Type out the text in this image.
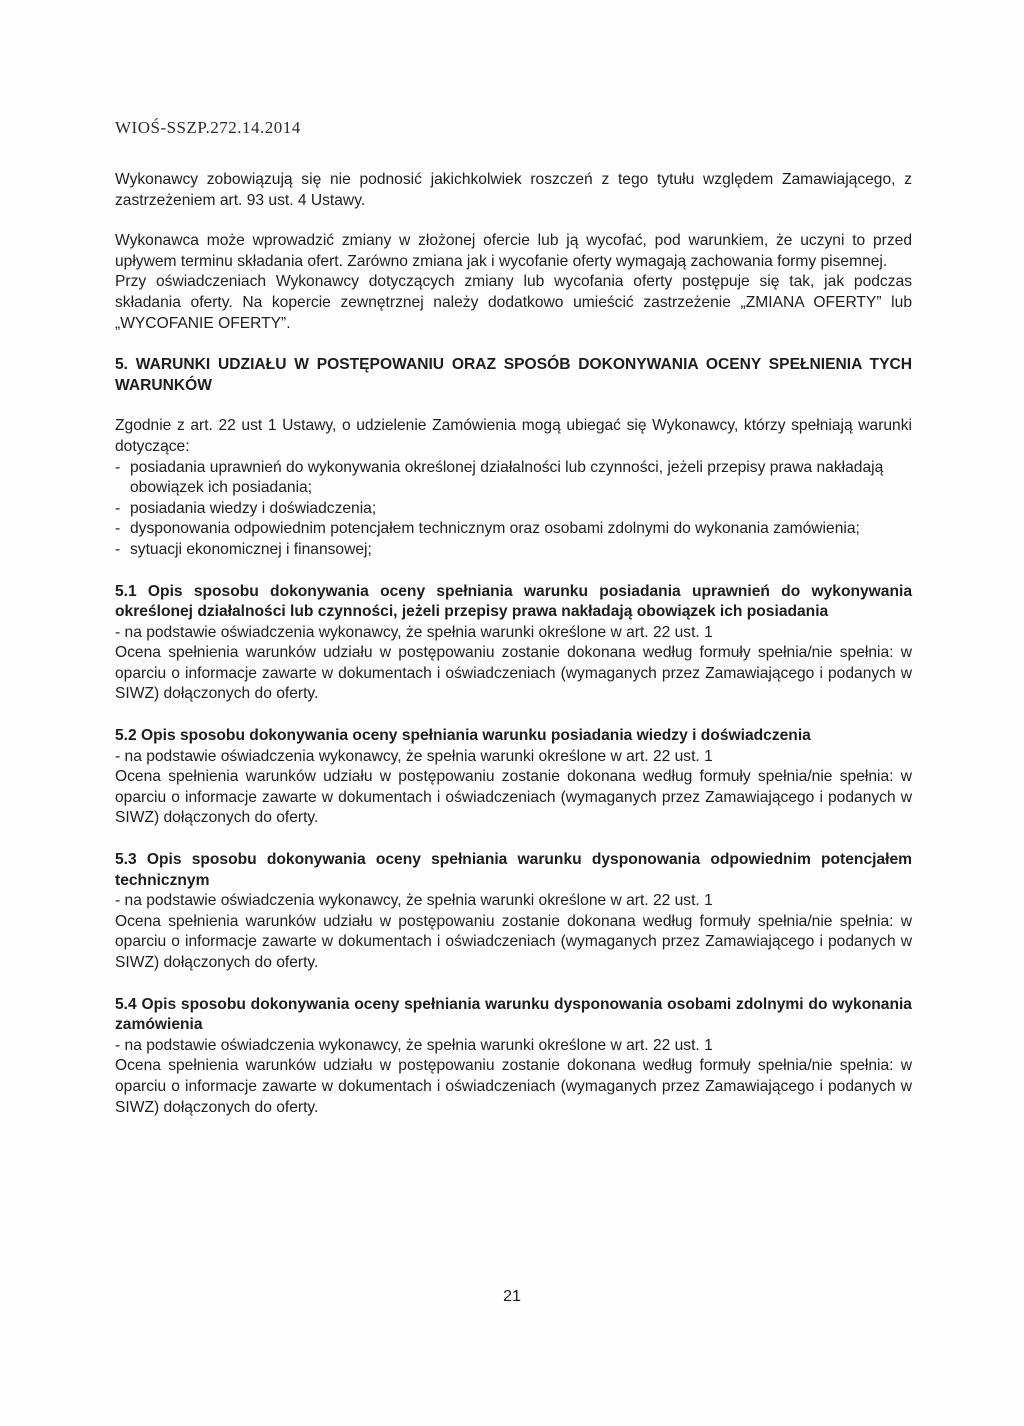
WIOŚ-SSZP.272.14.2014

Wykonawcy zobowiązują się nie podnosić jakichkolwiek roszczeń z tego tytułu względem Zamawiającego, z zastrzeżeniem art. 93 ust. 4 Ustawy.

Wykonawca może wprowadzić zmiany w złożonej ofercie lub ją wycofać, pod warunkiem, że uczyni to przed upływem terminu składania ofert. Zarówno zmiana jak i wycofanie oferty wymagają zachowania formy pisemnej.

Przy oświadczeniach Wykonawcy dotyczących zmiany lub wycofania oferty postępuje się tak, jak podczas składania oferty. Na kopercie zewnętrznej należy dodatkowo umieścić zastrzeżenie „ZMIANA OFERTY” lub „WYCOFANIE OFERTY”.

5. WARUNKI UDZIAŁU W POSTĘPOWANIU ORAZ SPOSÓB DOKONYWANIA OCENY SPEŁNIENIA TYCH WARUNKÓW

Zgodnie z art. 22 ust 1 Ustawy, o udzielenie Zamówienia mogą ubiegać się Wykonawcy, którzy spełniają warunki dotyczące:

- posiadania uprawnień do wykonywania określonej działalności lub czynności, jeżeli przepisy prawa nakładają obowiązek ich posiadania;
- posiadania wiedzy i doświadczenia;
- dysponowania odpowiednim potencjałem technicznym oraz osobami zdolnymi do wykonania zamówienia;
- sytuacji ekonomicznej i finansowej;

5.1 Opis sposobu dokonywania oceny spełniania warunku posiadania uprawnień do wykonywania określonej działalności lub czynności, jeżeli przepisy prawa nakładają obowiązek ich posiadania

- na podstawie oświadczenia wykonawcy, że spełnia warunki określone w art. 22 ust. 1

Ocena spełnienia warunków udziału w postępowaniu zostanie dokonana według formuły spełnia/nie spełnia: w oparciu o informacje zawarte w dokumentach i oświadczeniach (wymaganych przez Zamawiającego i podanych w SIWZ) dołączonych do oferty.

5.2 Opis sposobu dokonywania oceny spełniania warunku posiadania wiedzy i doświadczenia

- na podstawie oświadczenia wykonawcy, że spełnia warunki określone w art. 22 ust. 1

Ocena spełnienia warunków udziału w postępowaniu zostanie dokonana według formuły spełnia/nie spełnia: w oparciu o informacje zawarte w dokumentach i oświadczeniach (wymaganych przez Zamawiającego i podanych w SIWZ) dołączonych do oferty.

5.3 Opis sposobu dokonywania oceny spełniania warunku dysponowania odpowiednim potencjałem technicznym

- na podstawie oświadczenia wykonawcy, że spełnia warunki określone w art. 22 ust. 1

Ocena spełnienia warunków udziału w postępowaniu zostanie dokonana według formuły spełnia/nie spełnia: w oparciu o informacje zawarte w dokumentach i oświadczeniach (wymaganych przez Zamawiającego i podanych w SIWZ) dołączonych do oferty.

5.4 Opis sposobu dokonywania oceny spełniania warunku dysponowania osobami zdolnymi do wykonania zamówienia

- na podstawie oświadczenia wykonawcy, że spełnia warunki określone w art. 22 ust. 1

Ocena spełnienia warunków udziału w postępowaniu zostanie dokonana według formuły spełnia/nie spełnia: w oparciu o informacje zawarte w dokumentach i oświadczeniach (wymaganych przez Zamawiającego i podanych w SIWZ) dołączonych do oferty.

21
